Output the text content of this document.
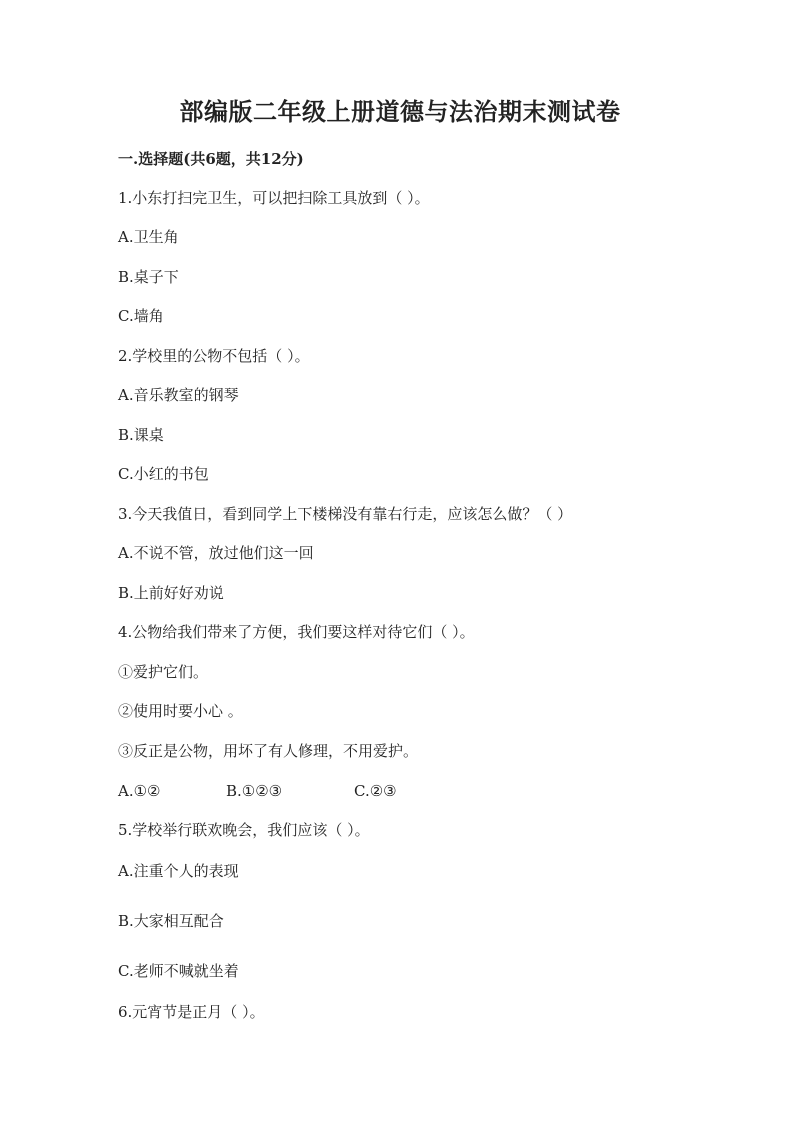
部编版二年级上册道德与法治期末测试卷
一.选择题(共6题，共12分)
1.小东打扫完卫生，可以把扫除工具放到（ ）。
A.卫生角
B.桌子下
C.墙角
2.学校里的公物不包括（ ）。
A.音乐教室的钢琴
B.课桌
C.小红的书包
3.今天我值日，看到同学上下楼梯没有靠右行走，应该怎么做？（ ）
A.不说不管，放过他们这一回
B.上前好好劝说
4.公物给我们带来了方便，我们要这样对待它们（ ）。
①爱护它们。
②使用时要小心 。
③反正是公物，用坏了有人修理，不用爱护。
A.①②	B.①②③	C.②③
5.学校举行联欢晚会，我们应该（ ）。
A.注重个人的表现
B.大家相互配合
C.老师不喊就坐着
6.元宵节是正月（ ）。
